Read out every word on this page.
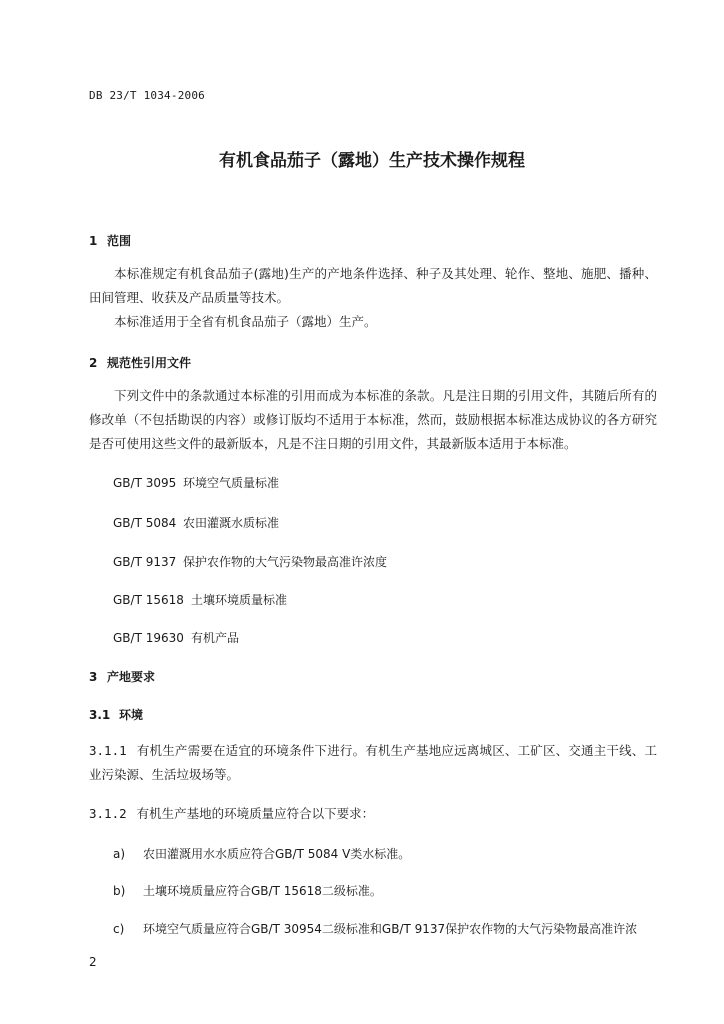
DB 23/T 1034-2006
有机食品茄子（露地）生产技术操作规程
1 范围
本标准规定有机食品茄子(露地)生产的产地条件选择、种子及其处理、轮作、整地、施肥、播种、田间管理、收获及产品质量等技术。
本标准适用于全省有机食品茄子（露地）生产。
2 规范性引用文件
下列文件中的条款通过本标准的引用而成为本标准的条款。凡是注日期的引用文件，其随后所有的修改单（不包括勘误的内容）或修订版均不适用于本标准，然而，鼓励根据本标准达成协议的各方研究是否可使用这些文件的最新版本，凡是不注日期的引用文件，其最新版本适用于本标准。
GB/T 3095 环境空气质量标准
GB/T 5084 农田灌溉水质标准
GB/T 9137 保护农作物的大气污染物最高准许浓度
GB/T 15618 土壤环境质量标准
GB/T 19630 有机产品
3 产地要求
3.1 环境
3.1.1 有机生产需要在适宜的环境条件下进行。有机生产基地应远离城区、工矿区、交通主干线、工业污染源、生活垃圾场等。
3.1.2 有机生产基地的环境质量应符合以下要求：
a) 农田灌溉用水水质应符合GB/T 5084 V类水标准。
b) 土壤环境质量应符合GB/T 15618二级标准。
c) 环境空气质量应符合GB/T 30954二级标准和GB/T 9137保护农作物的大气污染物最高准许浓
2
